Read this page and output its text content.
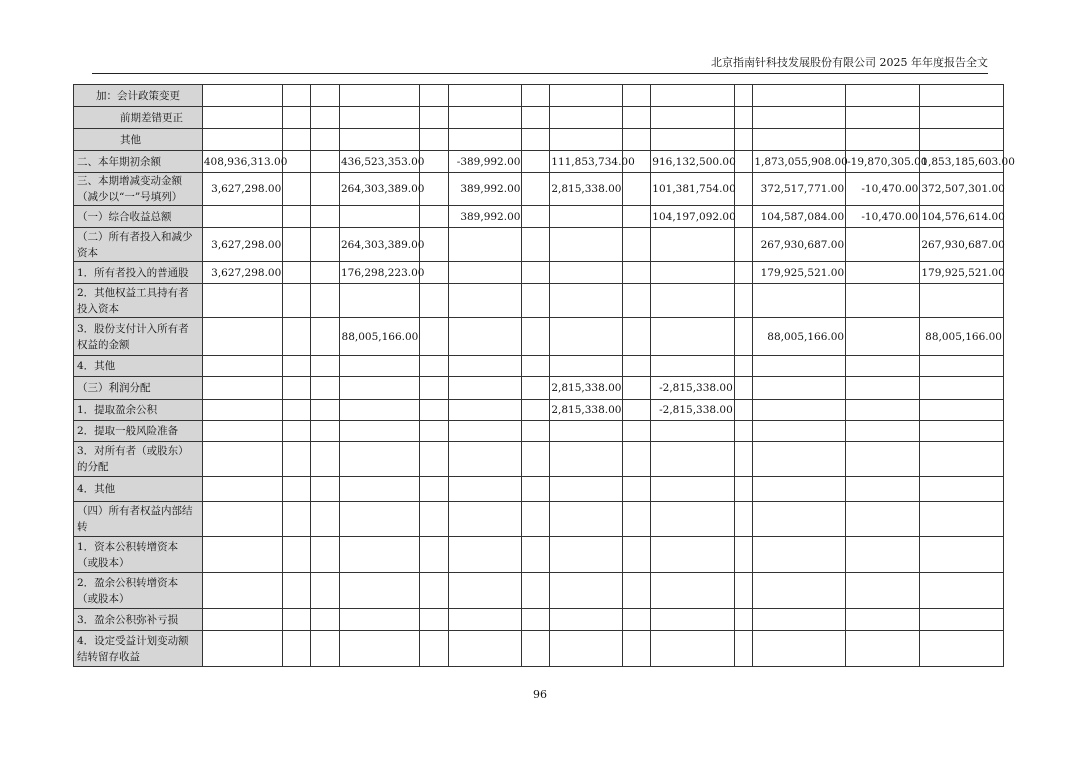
北京指南针科技发展股份有限公司 2025 年年度报告全文
加：会计政策变更														
前期差错更正														
其他														
二、本年期初余额	408,936,313.00			436,523,353.00		-389,992.00		111,853,734.00		916,132,500.00		1,873,055,908.00	-19,870,305.00	1,853,185,603.00
三、本期增减变动金额（减少以“一”号填列）	3,627,298.00			264,303,389.00		389,992.00		2,815,338.00		101,381,754.00		372,517,771.00	-10,470.00	372,507,301.00
（一）综合收益总额						389,992.00				104,197,092.00		104,587,084.00	-10,470.00	104,576,614.00
（二）所有者投入和减少资本	3,627,298.00			264,303,389.00								267,930,687.00		267,930,687.00
1．所有者投入的普通股	3,627,298.00			176,298,223.00								179,925,521.00		179,925,521.00
2．其他权益工具持有者投入资本														
3．股份支付计入所有者权益的金额				88,005,166.00								88,005,166.00		88,005,166.00
4．其他														
（三）利润分配								2,815,338.00		-2,815,338.00				
1．提取盈余公积								2,815,338.00		-2,815,338.00				
2．提取一般风险准备														
3．对所有者（或股东）的分配														
4．其他														
（四）所有者权益内部结转														
1．资本公积转增资本（或股本）														
2．盈余公积转增资本（或股本）														
3．盈余公积弥补亏损														
4．设定受益计划变动额结转留存收益														
96
